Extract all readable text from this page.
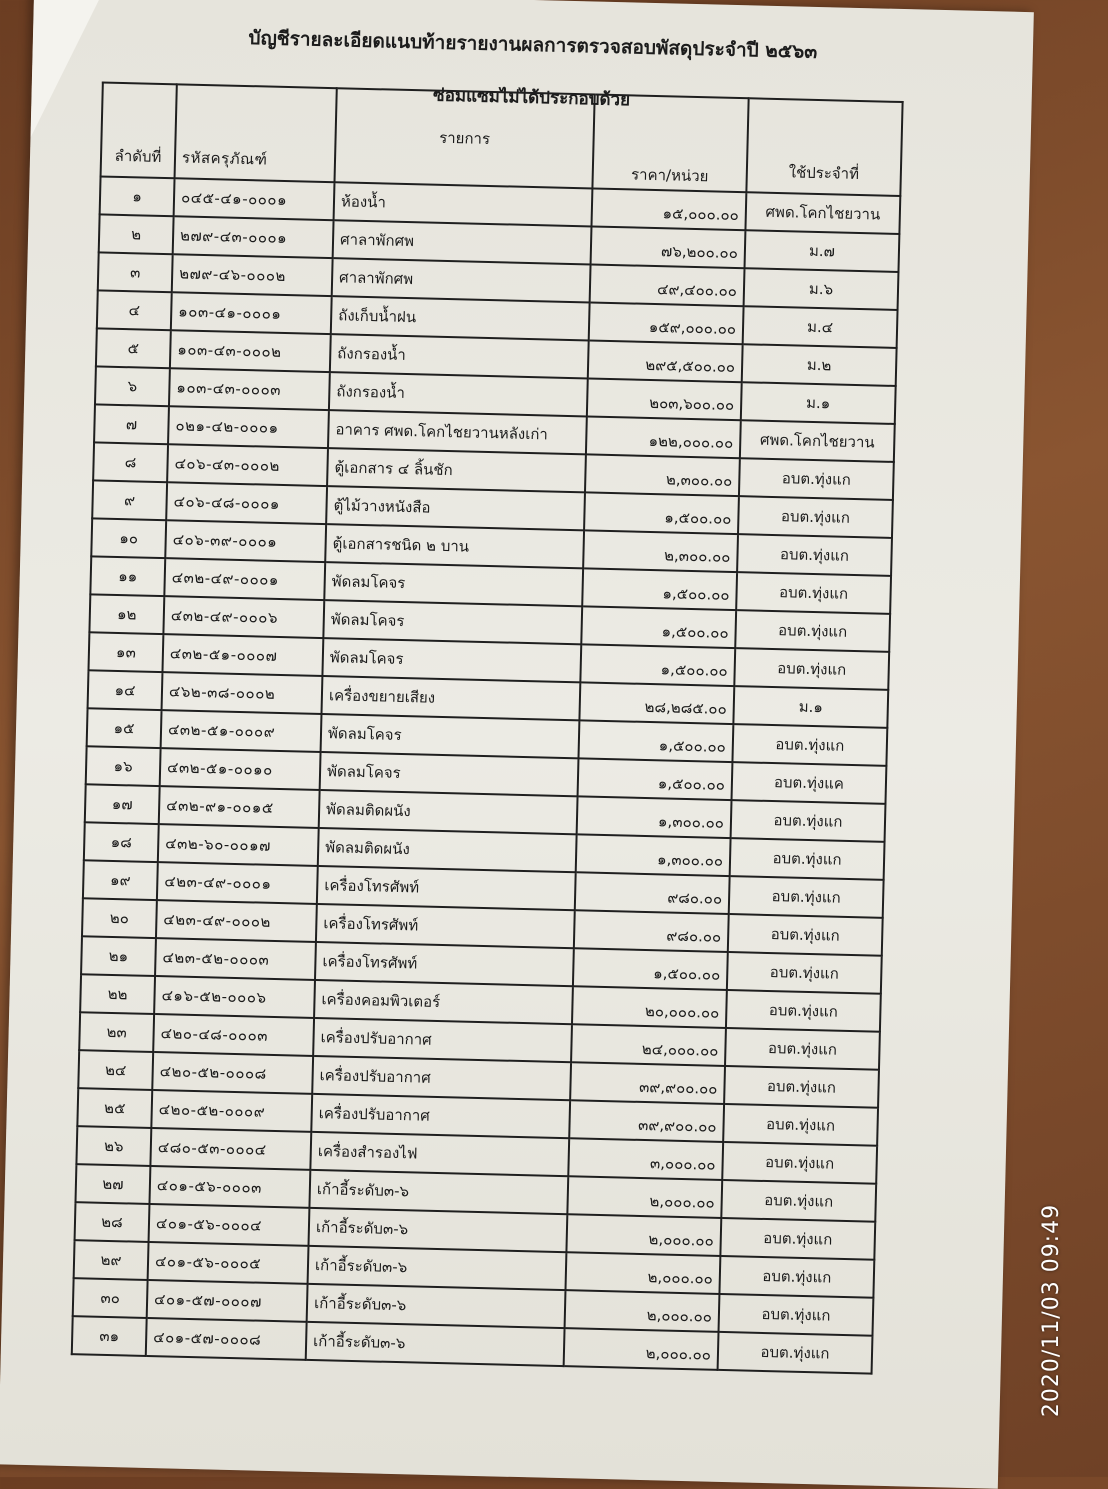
บัญชีรายละเอียดแนบท้ายรายงานผลการตรวจสอบพัสดุประจำปี ๒๕๖๓
ซ่อมแซมไม่ได้ประกอบด้วย
ลำดับที่	รหัสครุภัณฑ์	รายการ	ราคา/หน่วย	ใช้ประจำที่
๑	๐๔๕-๔๑-๐๐๐๑	ห้องน้ำ	๑๕,๐๐๐.๐๐	ศพด.โคกไชยวาน
๒	๒๗๙-๔๓-๐๐๐๑	ศาลาพักศพ	๗๖,๒๐๐.๐๐	ม.๗
๓	๒๗๙-๔๖-๐๐๐๒	ศาลาพักศพ	๔๙,๔๐๐.๐๐	ม.๖
๔	๑๐๓-๔๑-๐๐๐๑	ถังเก็บน้ำฝน	๑๕๙,๐๐๐.๐๐	ม.๔
๕	๑๐๓-๔๓-๐๐๐๒	ถังกรองน้ำ	๒๙๕,๕๐๐.๐๐	ม.๒
๖	๑๐๓-๔๓-๐๐๐๓	ถังกรองน้ำ	๒๐๓,๖๐๐.๐๐	ม.๑
๗	๐๒๑-๔๒-๐๐๐๑	อาคาร ศพด.โคกไชยวานหลังเก่า	๑๒๒,๐๐๐.๐๐	ศพด.โคกไชยวาน
๘	๔๐๖-๔๓-๐๐๐๒	ตู้เอกสาร ๔ ลิ้นชัก	๒,๓๐๐.๐๐	อบต.ทุ่งแก
๙	๔๐๖-๔๘-๐๐๐๑	ตู้ไม้วางหนังสือ	๑,๕๐๐.๐๐	อบต.ทุ่งแก
๑๐	๔๐๖-๓๙-๐๐๐๑	ตู้เอกสารชนิด ๒ บาน	๒,๓๐๐.๐๐	อบต.ทุ่งแก
๑๑	๔๓๒-๔๙-๐๐๐๑	พัดลมโคจร	๑,๕๐๐.๐๐	อบต.ทุ่งแก
๑๒	๔๓๒-๔๙-๐๐๐๖	พัดลมโคจร	๑,๕๐๐.๐๐	อบต.ทุ่งแก
๑๓	๔๓๒-๕๑-๐๐๐๗	พัดลมโคจร	๑,๕๐๐.๐๐	อบต.ทุ่งแก
๑๔	๔๖๒-๓๘-๐๐๐๒	เครื่องขยายเสียง	๒๘,๒๘๕.๐๐	ม.๑
๑๕	๔๓๒-๕๑-๐๐๐๙	พัดลมโคจร	๑,๕๐๐.๐๐	อบต.ทุ่งแก
๑๖	๔๓๒-๕๑-๐๐๑๐	พัดลมโคจร	๑,๕๐๐.๐๐	อบต.ทุ่งแค
๑๗	๔๓๒-๙๑-๐๐๑๕	พัดลมติดผนัง	๑,๓๐๐.๐๐	อบต.ทุ่งแก
๑๘	๔๓๒-๖๐-๐๐๑๗	พัดลมติดผนัง	๑,๓๐๐.๐๐	อบต.ทุ่งแก
๑๙	๔๒๓-๔๙-๐๐๐๑	เครื่องโทรศัพท์	๙๘๐.๐๐	อบต.ทุ่งแก
๒๐	๔๒๓-๔๙-๐๐๐๒	เครื่องโทรศัพท์	๙๘๐.๐๐	อบต.ทุ่งแก
๒๑	๔๒๓-๕๒-๐๐๐๓	เครื่องโทรศัพท์	๑,๕๐๐.๐๐	อบต.ทุ่งแก
๒๒	๔๑๖-๕๒-๐๐๐๖	เครื่องคอมพิวเตอร์	๒๐,๐๐๐.๐๐	อบต.ทุ่งแก
๒๓	๔๒๐-๔๘-๐๐๐๓	เครื่องปรับอากาศ	๒๔,๐๐๐.๐๐	อบต.ทุ่งแก
๒๔	๔๒๐-๕๒-๐๐๐๘	เครื่องปรับอากาศ	๓๙,๙๐๐.๐๐	อบต.ทุ่งแก
๒๕	๔๒๐-๕๒-๐๐๐๙	เครื่องปรับอากาศ	๓๙,๙๐๐.๐๐	อบต.ทุ่งแก
๒๖	๔๘๐-๕๓-๐๐๐๔	เครื่องสำรองไฟ	๓,๐๐๐.๐๐	อบต.ทุ่งแก
๒๗	๔๐๑-๕๖-๐๐๐๓	เก้าอี้ระดับ๓-๖	๒,๐๐๐.๐๐	อบต.ทุ่งแก
๒๘	๔๐๑-๕๖-๐๐๐๔	เก้าอี้ระดับ๓-๖	๒,๐๐๐.๐๐	อบต.ทุ่งแก
๒๙	๔๐๑-๕๖-๐๐๐๕	เก้าอี้ระดับ๓-๖	๒,๐๐๐.๐๐	อบต.ทุ่งแก
๓๐	๔๐๑-๕๗-๐๐๐๗	เก้าอี้ระดับ๓-๖	๒,๐๐๐.๐๐	อบต.ทุ่งแก
๓๑	๔๐๑-๕๗-๐๐๐๘	เก้าอี้ระดับ๓-๖	๒,๐๐๐.๐๐	อบต.ทุ่งแก	2020/11/03 09:49
